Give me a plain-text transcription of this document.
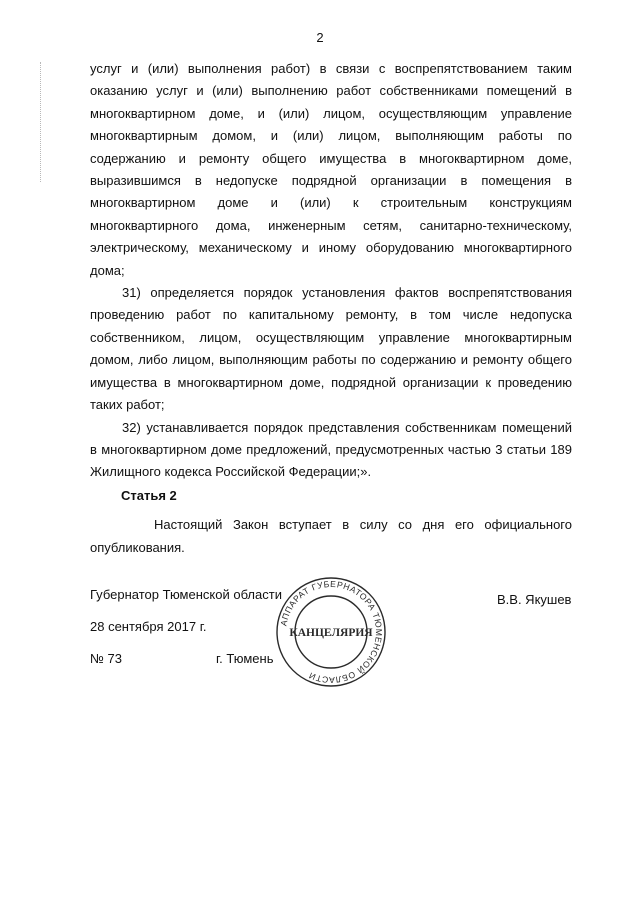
2

услуг и (или) выполнения работ) в связи с воспрепятствованием таким оказанию услуг и (или) выполнению работ собственниками помещений в многоквартирном доме, и (или) лицом, осуществляющим управление многоквартирным домом, и (или) лицом, выполняющим работы по содержанию и ремонту общего имущества в многоквартирном доме, выразившимся в недопуске подрядной организации в помещения в многоквартирном доме и (или) к строительным конструкциям многоквартирного дома, инженерным сетям, санитарно-техническому, электрическому, механическому и иному оборудованию многоквартирного дома;

31) определяется порядок установления фактов воспрепятствования проведению работ по капитальному ремонту, в том числе недопуска собственником, лицом, осуществляющим управление многоквартирным домом, либо лицом, выполняющим работы по содержанию и ремонту общего имущества в многоквартирном доме, подрядной организации к проведению таких работ;

32) устанавливается порядок представления собственникам помещений в многоквартирном доме предложений, предусмотренных частью 3 статьи 189 Жилищного кодекса Российской Федерации;».

Статья 2
Настоящий Закон вступает в силу со дня его официального опубликования.
Губернатор Тюменской области	В.В. Якушев
28 сентября 2017 г.
№ 73	г. Тюмень
АППАРАТ ГУБЕРНАТОРА ТЮМЕНСКОЙ ОБЛАСТИ
КАНЦЕЛЯРИЯ
